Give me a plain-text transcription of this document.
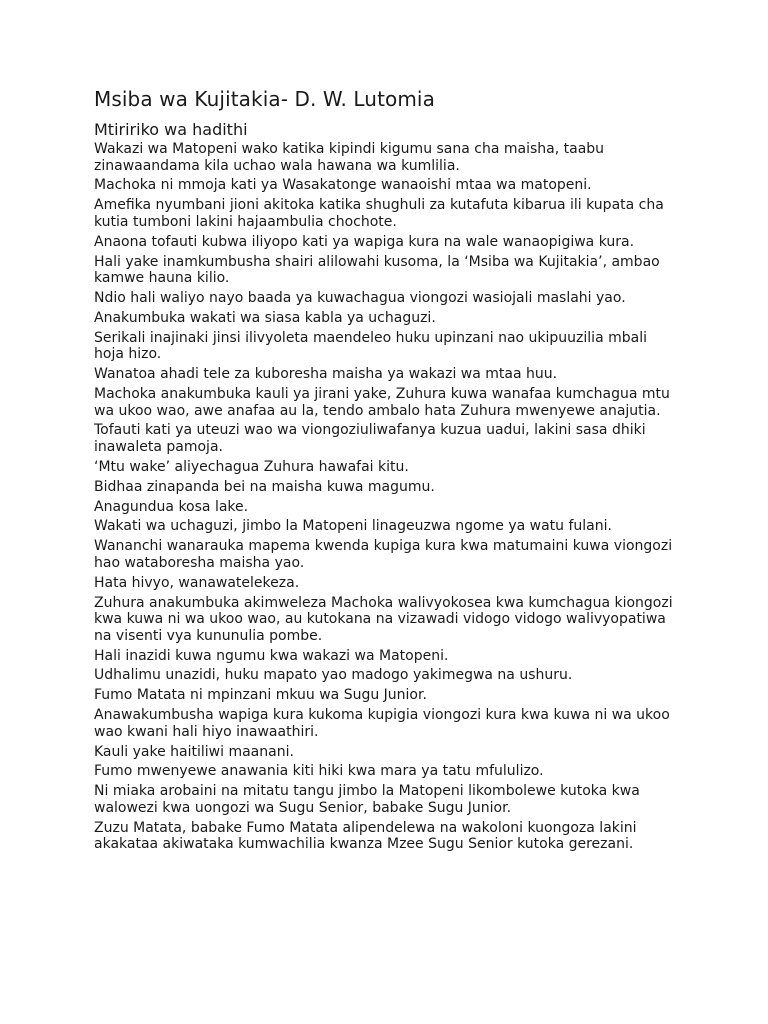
Msiba wa Kujitakia- D. W. Lutomia
Mtiririko wa hadithi
Wakazi wa Matopeni wako katika kipindi kigumu sana cha maisha, taabu zinawaandama kila uchao wala hawana wa kumlilia.
Machoka ni mmoja kati ya Wasakatonge wanaoishi mtaa wa matopeni.
Amefika nyumbani jioni akitoka katika shughuli za kutafuta kibarua ili kupata cha kutia tumboni lakini hajaambulia chochote.
Anaona tofauti kubwa iliyopo kati ya wapiga kura na wale wanaopigiwa kura.
Hali yake inamkumbusha shairi alilowahi kusoma, la ‘Msiba wa Kujitakia’, ambao kamwe hauna kilio.
Ndio hali waliyo nayo baada ya kuwachagua viongozi wasiojali maslahi yao.
Anakumbuka wakati wa siasa kabla ya uchaguzi.
Serikali inajinaki jinsi ilivyoleta maendeleo huku upinzani nao ukipuuzilia mbali hoja hizo.
Wanatoa ahadi tele za kuboresha maisha ya wakazi wa mtaa huu.
Machoka anakumbuka kauli ya jirani yake, Zuhura kuwa wanafaa kumchagua mtu wa ukoo wao, awe anafaa au la, tendo ambalo hata Zuhura mwenyewe anajutia.
Tofauti kati ya uteuzi wao wa viongoziuliwafanya kuzua uadui, lakini sasa dhiki inawaleta pamoja.
‘Mtu wake’ aliyechagua Zuhura hawafai kitu.
Bidhaa zinapanda bei na maisha kuwa magumu.
Anagundua kosa lake.
Wakati wa uchaguzi, jimbo la Matopeni linageuzwa ngome ya watu fulani.
Wananchi wanarauka mapema kwenda kupiga kura kwa matumaini kuwa viongozi hao wataboresha maisha yao.
Hata hivyo, wanawatelekeza.
Zuhura anakumbuka akimweleza Machoka walivyokosea kwa kumchagua kiongozi kwa kuwa ni wa ukoo wao, au kutokana na vizawadi vidogo vidogo walivyopatiwa na visenti vya kununulia pombe.
Hali inazidi kuwa ngumu kwa wakazi wa Matopeni.
Udhalimu unazidi, huku mapato yao madogo yakimegwa na ushuru.
Fumo Matata ni mpinzani mkuu wa Sugu Junior.
Anawakumbusha wapiga kura kukoma kupigia viongozi kura kwa kuwa ni wa ukoo wao kwani hali hiyo inawaathiri.
Kauli yake haitiliwi maanani.
Fumo mwenyewe anawania kiti hiki kwa mara ya tatu mfululizo.
Ni miaka arobaini na mitatu tangu jimbo la Matopeni likombolewe kutoka kwa walowezi kwa uongozi wa Sugu Senior, babake Sugu Junior.
Zuzu Matata, babake Fumo Matata alipendelewa na wakoloni kuongoza lakini akakataa akiwataka kumwachilia kwanza Mzee Sugu Senior kutoka gerezani.
